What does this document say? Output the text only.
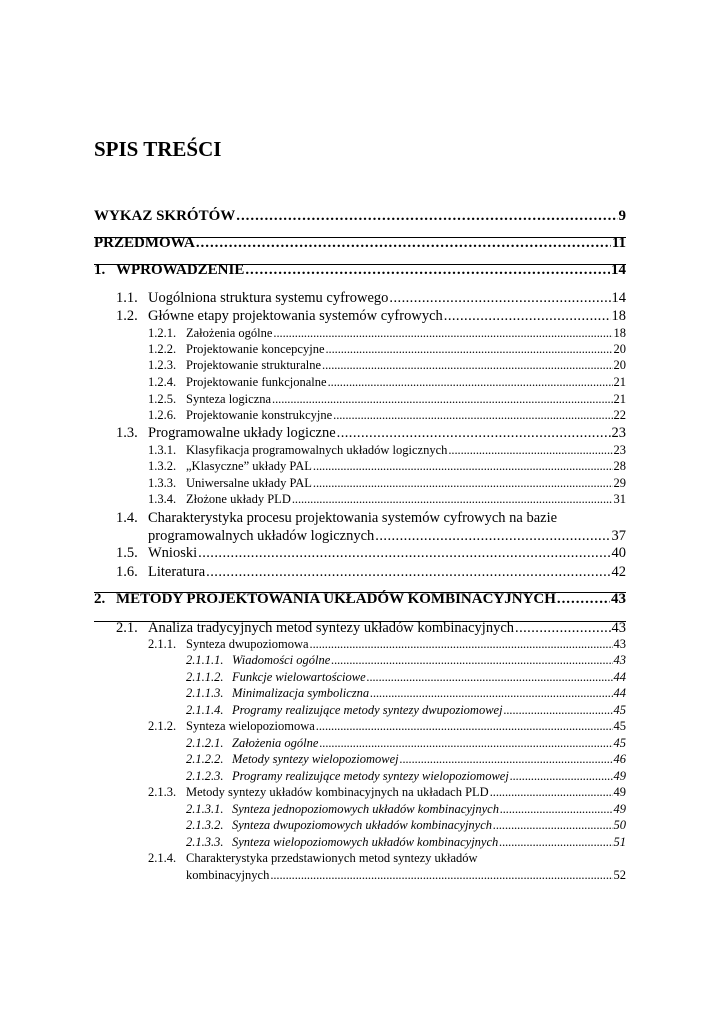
SPIS TREŚCI
WYKAZ SKRÓTÓW . . .	9
PRZEDMOWA . . .	11
1. WPROWADZENIE . . .	14
1.1. Uogólniona struktura systemu cyfrowego . . .	14
1.2. Główne etapy projektowania systemów cyfrowych . . .	18
1.2.1. Założenia ogólne . . .	18
1.2.2. Projektowanie koncepcyjne . . .	20
1.2.3. Projektowanie strukturalne . . .	20
1.2.4. Projektowanie funkcjonalne . . .	21
1.2.5. Synteza logiczna . . .	21
1.2.6. Projektowanie konstrukcyjne . . .	22
1.3. Programowalne układy logiczne . . .	23
1.3.1. Klasyfikacja programowalnych układów logicznych . . .	23
1.3.2. „Klasyczne” układy PAL . . .	28
1.3.3. Uniwersalne układy PAL . . .	29
1.3.4. Złożone układy PLD . . .	31
1.4. Charakterystyka procesu projektowania systemów cyfrowych na bazie
programowalnych układów logicznych . . .	37
1.5. Wnioski . . .	40
1.6. Literatura . . .	42
2. METODY PROJEKTOWANIA UKŁADÓW KOMBINACYJNYCH . . .	43
2.1. Analiza tradycyjnych metod syntezy układów kombinacyjnych . . .	43
2.1.1. Synteza dwupoziomowa . . .	43
2.1.1.1. Wiadomości ogólne . . .	43
2.1.1.2. Funkcje wielowartościowe . . .	44
2.1.1.3. Minimalizacja symboliczna . . .	44
2.1.1.4. Programy realizujące metody syntezy dwupoziomowej . . .	45
2.1.2. Synteza wielopoziomowa . . .	45
2.1.2.1. Założenia ogólne . . .	45
2.1.2.2. Metody syntezy wielopoziomowej . . .	46
2.1.2.3. Programy realizujące metody syntezy wielopoziomowej . . .	49
2.1.3. Metody syntezy układów kombinacyjnych na układach PLD . . .	49
2.1.3.1. Synteza jednopoziomowych układów kombinacyjnych . . .	49
2.1.3.2. Synteza dwupoziomowych układów kombinacyjnych . . .	50
2.1.3.3. Synteza wielopoziomowych układów kombinacyjnych . . .	51
2.1.4. Charakterystyka przedstawionych metod syntezy układów
kombinacyjnych . . .	52
